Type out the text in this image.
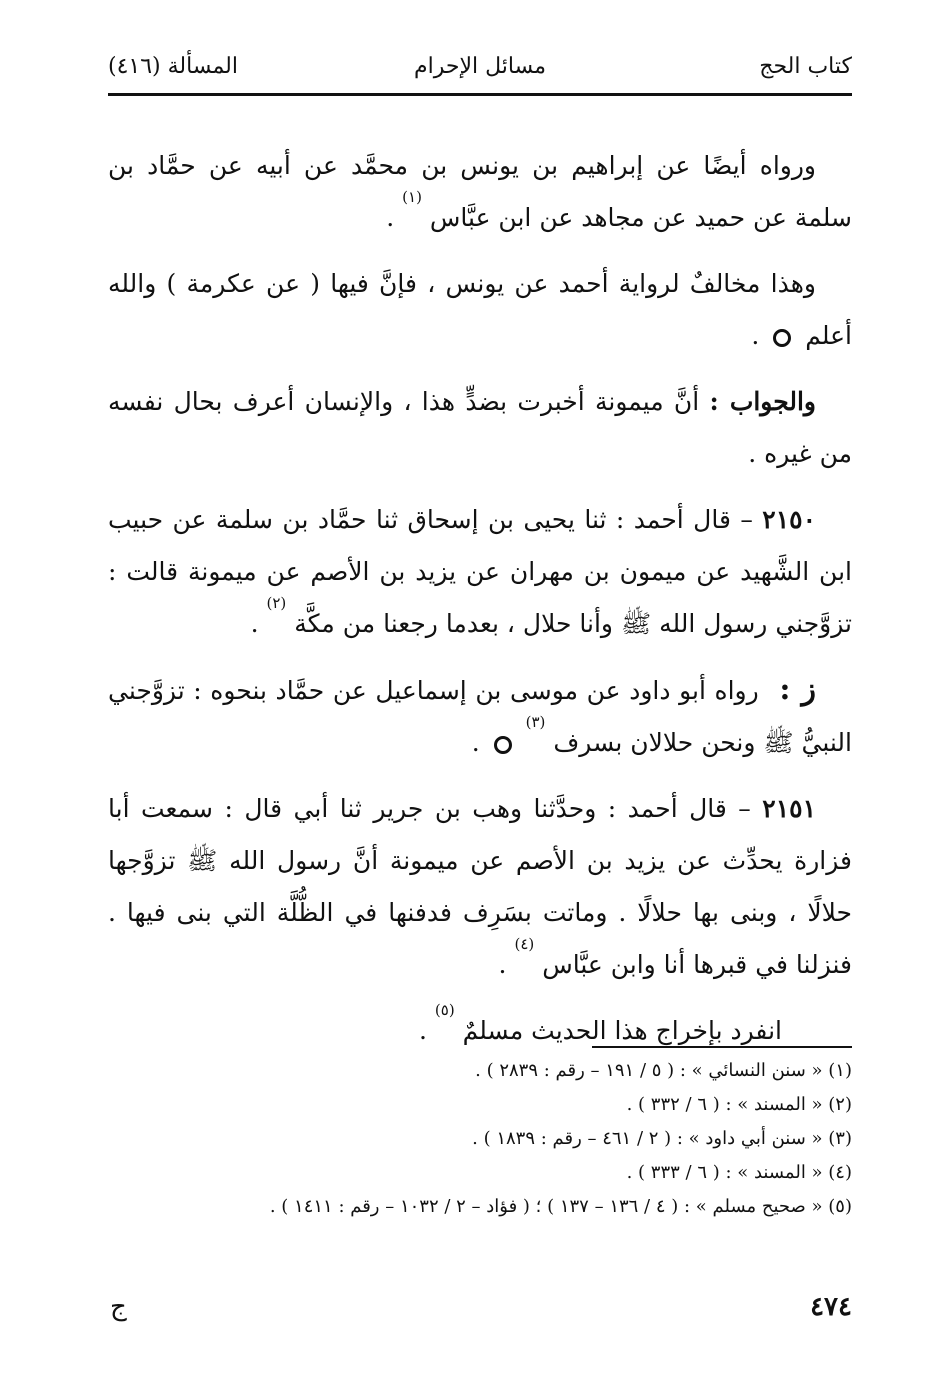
كتاب الحج
مسائل الإحرام
المسألة (٤١٦)

ورواه أيضًا عن إبراهيم بن يونس بن محمَّد عن أبيه عن حمَّاد بن سلمة عن حميد عن مجاهد عن ابن عبَّاس $^{(١)}$ .

وهذا مخالفٌ لرواية أحمد عن يونس ، فإنَّ فيها ( عن عكرمة ) والله أعلم  .

والجواب : أنَّ ميمونة أخبرت بضدٍّ هذا ، والإنسان أعرف بحال نفسه من غيره .

٢١٥٠ – قال أحمد : ثنا يحيى بن إسحاق ثنا حمَّاد بن سلمة عن حبيب ابن الشَّهيد عن ميمون بن مهران عن يزيد بن الأصم عن ميمونة قالت : تزوَّجني رسول الله ﷺ وأنا حلال ، بعدما رجعنا من مكَّة $^{(٢)}$ .

ز : رواه أبو داود عن موسى بن إسماعيل عن حمَّاد بنحوه : تزوَّجني النبيُّ ﷺ ونحن حلالان بسرف $^{(٣)}$  .

٢١٥١ – قال أحمد : وحدَّثنا وهب بن جرير ثنا أبي قال : سمعت أبا فزارة يحدِّث عن يزيد بن الأصم عن ميمونة أنَّ رسول الله ﷺ تزوَّجها حلالًا ، وبنى بها حلالًا . وماتت بسَرِف فدفنها في الظُّلَّة التي بنى فيها . فنزلنا في قبرها أنا وابن عبَّاس $^{(٤)}$ .

انفرد بإخراج هذا الحديث مسلمٌ $^{(٥)}$ .

(١) « سنن النسائي » : ( ٥ / ١٩١ – رقم : ٢٨٣٩ ) .
(٢) « المسند » : ( ٦ / ٣٣٢ ) .
(٣) « سنن أبي داود » : ( ٢ / ٤٦١ – رقم : ١٨٣٩ ) .
(٤) « المسند » : ( ٦ / ٣٣٣ ) .
(٥) « صحيح مسلم » : ( ٤ / ١٣٦ – ١٣٧ ) ؛ ( فؤاد – ٢ / ١٠٣٢ – رقم : ١٤١١ ) .
٤٧٤
ج
